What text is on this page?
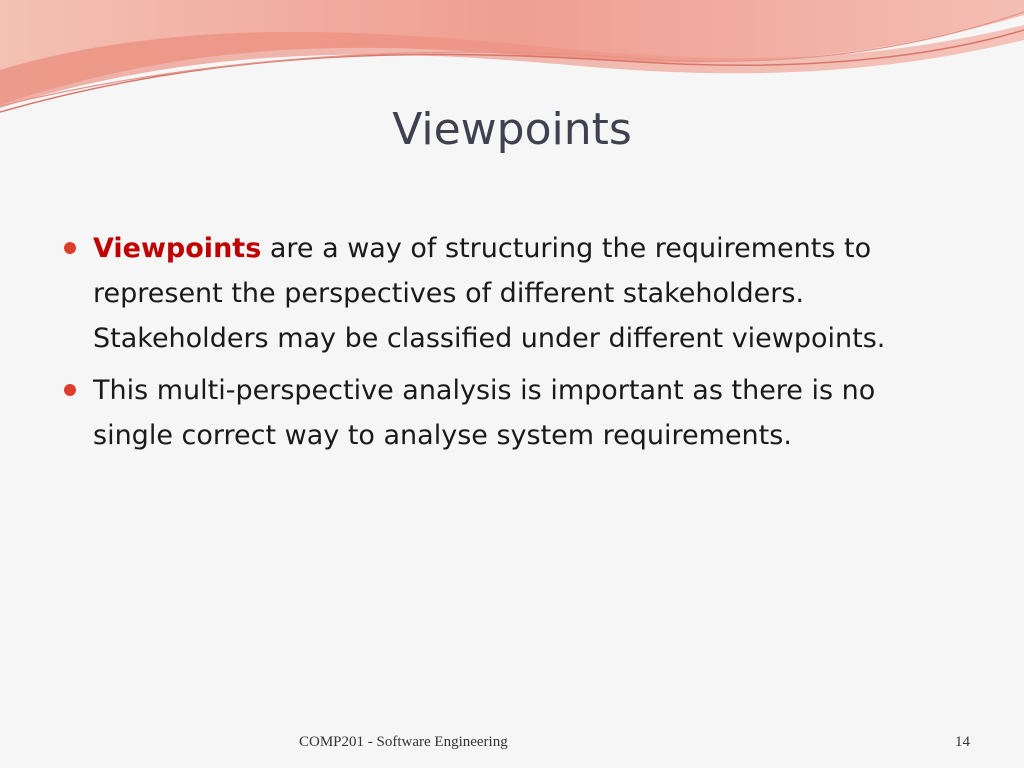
Viewpoints
Viewpoints are a way of structuring the requirements to represent the perspectives of different stakeholders. Stakeholders may be classified under different viewpoints.
This multi-perspective analysis is important as there is no single correct way to analyse system requirements.
COMP201 - Software Engineering	14
